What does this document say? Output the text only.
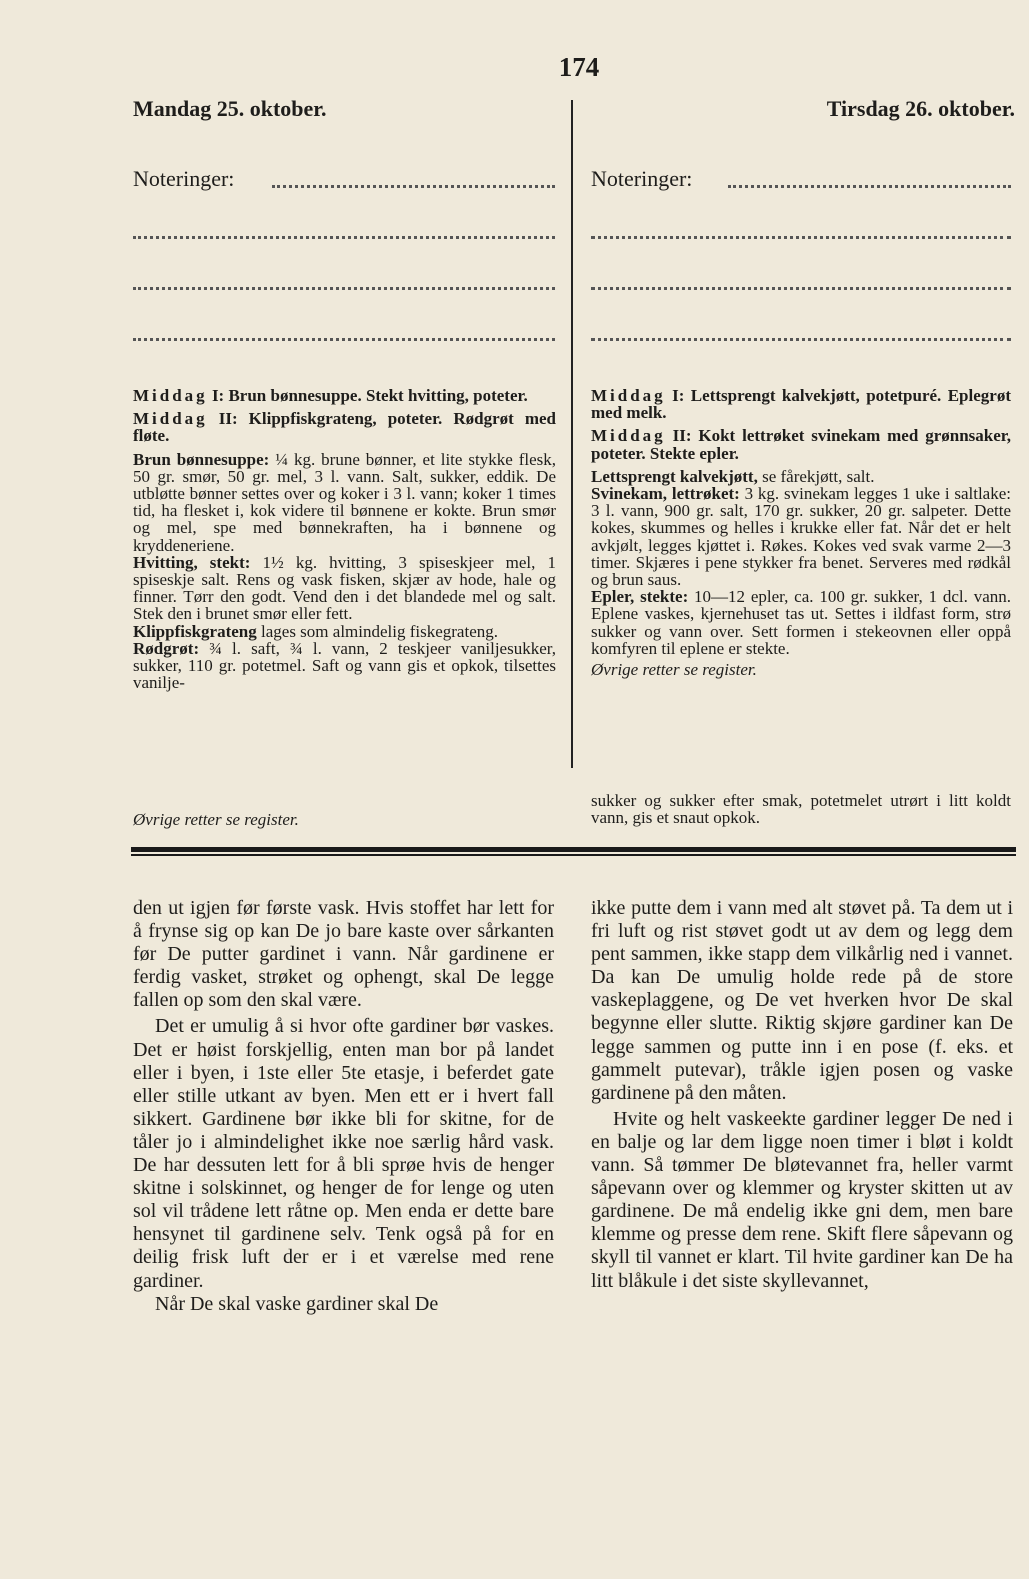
174
Mandag 25. oktober.	Tirsdag 26. oktober.
Noteringer:	Noteringer:

Middag I: Brun bønnesuppe. Stekt hvitting, poteter.

Middag II: Klippfiskgrateng, poteter. Rødgrøt med fløte.

Brun bønnesuppe: ¼ kg. brune bønner, et lite stykke flesk, 50 gr. smør, 50 gr. mel, 3 l. vann. Salt, sukker, eddik. De utbløtte bønner settes over og koker i 3 l. vann; koker 1 times tid, ha flesket i, kok videre til bønnene er kokte. Brun smør og mel, spe med bønnekraften, ha i bønnene og kryddeneriene.

Hvitting, stekt: 1½ kg. hvitting, 3 spiseskjeer mel, 1 spiseskje salt. Rens og vask fisken, skjær av hode, hale og finner. Tørr den godt. Vend den i det blandede mel og salt. Stek den i brunet smør eller fett.

Klippfiskgrateng lages som almindelig fiskegrateng.

Rødgrøt: ¾ l. saft, ¾ l. vann, 2 teskjeer vaniljesukker, sukker, 110 gr. potetmel. Saft og vann gis et opkok, tilsettes vanilje-

Øvrige retter se register.

Middag I: Lettsprengt kalvekjøtt, potetpuré. Eplegrøt med melk.

Middag II: Kokt lettrøket svinekam med grønnsaker, poteter. Stekte epler.

Lettsprengt kalvekjøtt, se fårekjøtt, salt.

Svinekam, lettrøket: 3 kg. svinekam legges 1 uke i saltlake: 3 l. vann, 900 gr. salt, 170 gr. sukker, 20 gr. salpeter. Dette kokes, skummes og helles i krukke eller fat. Når det er helt avkjølt, legges kjøttet i. Røkes. Kokes ved svak varme 2—3 timer. Skjæres i pene stykker fra benet. Serveres med rødkål og brun saus.

Epler, stekte: 10—12 epler, ca. 100 gr. sukker, 1 dcl. vann. Eplene vaskes, kjernehuset tas ut. Settes i ildfast form, strø sukker og vann over. Sett formen i stekeovnen eller oppå komfyren til eplene er stekte.

Øvrige retter se register.

sukker og sukker efter smak, potetmelet utrørt i litt koldt vann, gis et snaut opkok.

den ut igjen før første vask. Hvis stoffet har lett for å frynse sig op kan De jo bare kaste over sårkanten før De putter gardinet i vann. Når gardinene er ferdig vasket, strøket og ophengt, skal De legge fallen op som den skal være.

Det er umulig å si hvor ofte gardiner bør vaskes. Det er høist forskjellig, enten man bor på landet eller i byen, i 1ste eller 5te etasje, i beferdet gate eller stille utkant av byen. Men ett er i hvert fall sikkert. Gardinene bør ikke bli for skitne, for de tåler jo i almindelighet ikke noe særlig hård vask. De har dessuten lett for å bli sprøe hvis de henger skitne i solskinnet, og henger de for lenge og uten sol vil trådene lett råtne op. Men enda er dette bare hensynet til gardinene selv. Tenk også på for en deilig frisk luft der er i et værelse med rene gardiner.

Når De skal vaske gardiner skal De

ikke putte dem i vann med alt støvet på. Ta dem ut i fri luft og rist støvet godt ut av dem og legg dem pent sammen, ikke stapp dem vilkårlig ned i vannet. Da kan De umulig holde rede på de store vaskeplaggene, og De vet hverken hvor De skal begynne eller slutte. Riktig skjøre gardiner kan De legge sammen og putte inn i en pose (f. eks. et gammelt putevar), tråkle igjen posen og vaske gardinene på den måten.

Hvite og helt vaskeekte gardiner legger De ned i en balje og lar dem ligge noen timer i bløt i koldt vann. Så tømmer De bløtevannet fra, heller varmt såpevann over og klemmer og kryster skitten ut av gardinene. De må endelig ikke gni dem, men bare klemme og presse dem rene. Skift flere såpevann og skyll til vannet er klart. Til hvite gardiner kan De ha litt blåkule i det siste skyllevannet,
